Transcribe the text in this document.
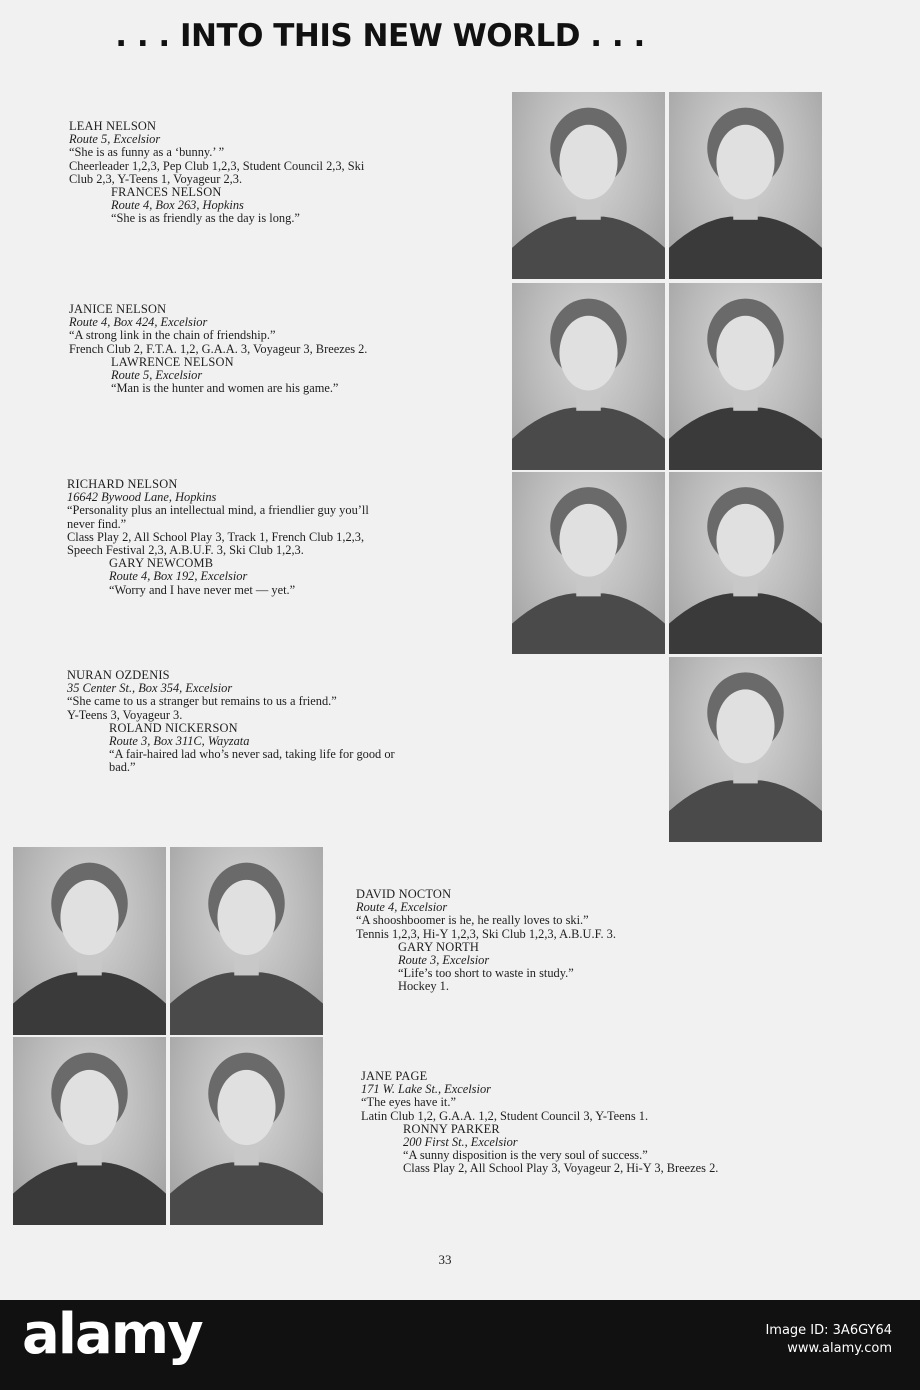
. . . INTO THIS NEW WORLD . . .
LEAH NELSON
Route 5, Excelsior
“She is as funny as a ‘bunny.’ ”
Cheerleader 1,2,3, Pep Club 1,2,3, Student Council 2,3, Ski
Club 2,3, Y-Teens 1, Voyageur 2,3.
FRANCES NELSON
Route 4, Box 263, Hopkins
“She is as friendly as the day is long.”
JANICE NELSON
Route 4, Box 424, Excelsior
“A strong link in the chain of friendship.”
French Club 2, F.T.A. 1,2, G.A.A. 3, Voyageur 3, Breezes 2.
LAWRENCE NELSON
Route 5, Excelsior
“Man is the hunter and women are his game.”
RICHARD NELSON
16642 Bywood Lane, Hopkins
“Personality plus an intellectual mind, a friendlier guy you’ll
never find.”
Class Play 2, All School Play 3, Track 1, French Club 1,2,3,
Speech Festival 2,3, A.B.U.F. 3, Ski Club 1,2,3.
GARY NEWCOMB
Route 4, Box 192, Excelsior
“Worry and I have never met — yet.”
NURAN OZDENIS
35 Center St., Box 354, Excelsior
“She came to us a stranger but remains to us a friend.”
Y-Teens 3, Voyageur 3.
ROLAND NICKERSON
Route 3, Box 311C, Wayzata
“A fair-haired lad who’s never sad, taking life for good or
bad.”
DAVID NOCTON
Route 4, Excelsior
“A shooshboomer is he, he really loves to ski.”
Tennis 1,2,3, Hi-Y 1,2,3, Ski Club 1,2,3, A.B.U.F. 3.
GARY NORTH
Route 3, Excelsior
“Life’s too short to waste in study.”
Hockey 1.
JANE PAGE
171 W. Lake St., Excelsior
“The eyes have it.”
Latin Club 1,2, G.A.A. 1,2, Student Council 3, Y-Teens 1.
RONNY PARKER
200 First St., Excelsior
“A sunny disposition is the very soul of success.”
Class Play 2, All School Play 3, Voyageur 2, Hi-Y 3, Breezes 2.
33
alamy	Image ID: 3A6GY64
www.alamy.com
